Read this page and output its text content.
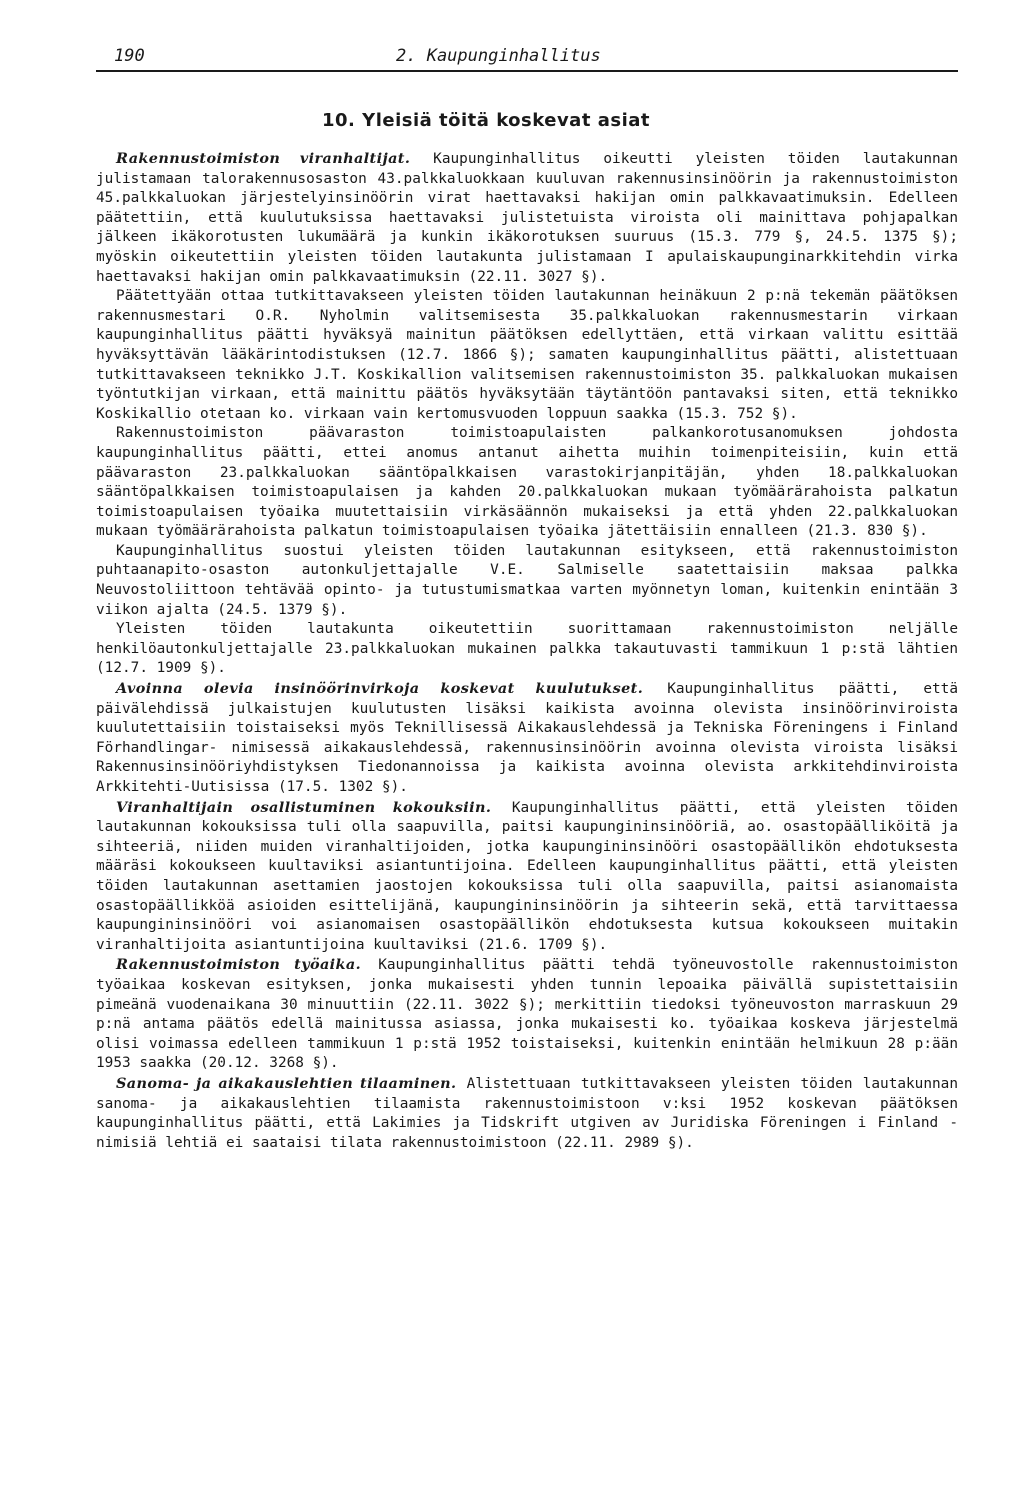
190	2. Kaupunginhallitus
10. Yleisiä töitä koskevat asiat

Rakennustoimiston viranhaltijat. Kaupunginhallitus oikeutti yleisten töiden lautakunnan julistamaan talorakennusosaston 43.palkkaluokkaan kuuluvan rakennusinsinöörin ja rakennustoimiston 45.palkkaluokan järjestelyinsinöörin virat haettavaksi hakijan omin palkkavaatimuksin. Edelleen päätettiin, että kuulutuksissa haettavaksi julistetuista viroista oli mainittava pohjapalkan jälkeen ikäkorotusten lukumäärä ja kunkin ikäkorotuksen suuruus (15.3. 779 §, 24.5. 1375 §); myöskin oikeutettiin yleisten töiden lautakunta julistamaan I apulaiskaupunginarkkitehdin virka haettavaksi hakijan omin palkkavaatimuksin (22.11. 3027 §).

Päätettyään ottaa tutkittavakseen yleisten töiden lautakunnan heinäkuun 2 p:nä tekemän päätöksen rakennusmestari O.R. Nyholmin valitsemisesta 35.palkkaluokan rakennusmestarin virkaan kaupunginhallitus päätti hyväksyä mainitun päätöksen edellyttäen, että virkaan valittu esittää hyväksyttävän lääkärintodistuksen (12.7. 1866 §); samaten kaupunginhallitus päätti, alistettuaan tutkittavakseen teknikko J.T. Koskikallion valitsemisen rakennustoimiston 35. palkkaluokan mukaisen työntutkijan virkaan, että mainittu päätös hyväksytään täytäntöön pantavaksi siten, että teknikko Koskikallio otetaan ko. virkaan vain kertomusvuoden loppuun saakka (15.3. 752 §).

Rakennustoimiston päävaraston toimistoapulaisten palkankorotusanomuksen johdosta kaupunginhallitus päätti, ettei anomus antanut aihetta muihin toimenpiteisiin, kuin että päävaraston 23.palkkaluokan sääntöpalkkaisen varastokirjanpitäjän, yhden 18.palkkaluokan sääntöpalkkaisen toimistoapulaisen ja kahden 20.palkkaluokan mukaan työmäärärahoista palkatun toimistoapulaisen työaika muutettaisiin virkäsäännön mukaiseksi ja että yhden 22.palkkaluokan mukaan työmäärärahoista palkatun toimistoapulaisen työaika jätettäisiin ennalleen (21.3. 830 §).

Kaupunginhallitus suostui yleisten töiden lautakunnan esitykseen, että rakennustoimiston puhtaanapito-osaston autonkuljettajalle V.E. Salmiselle saatettaisiin maksaa palkka Neuvostoliittoon tehtävää opinto- ja tutustumismatkaa varten myönnetyn loman, kuitenkin enintään 3 viikon ajalta (24.5. 1379 §).

Yleisten töiden lautakunta oikeutettiin suorittamaan rakennustoimiston neljälle henkilöautonkuljettajalle 23.palkkaluokan mukainen palkka takautuvasti tammikuun 1 p:stä lähtien (12.7. 1909 §).

Avoinna olevia insinöörinvirkoja koskevat kuulutukset. Kaupunginhallitus päätti, että päivälehdissä julkaistujen kuulutusten lisäksi kaikista avoinna olevista insinöörinviroista kuulutettaisiin toistaiseksi myös Teknillisessä Aikakauslehdessä ja Tekniska Föreningens i Finland Förhandlingar- nimisessä aikakauslehdessä, rakennusinsinöörin avoinna olevista viroista lisäksi Rakennusinsinööriyhdistyksen Tiedonannoissa ja kaikista avoinna olevista arkkitehdinviroista Arkkitehti-Uutisissa (17.5. 1302 §).

Viranhaltijain osallistuminen kokouksiin. Kaupunginhallitus päätti, että yleisten töiden lautakunnan kokouksissa tuli olla saapuvilla, paitsi kaupungininsinööriä, ao. osastopäälliköitä ja sihteeriä, niiden muiden viranhaltijoiden, jotka kaupungininsinööri osastopäällikön ehdotuksesta määräsi kokoukseen kuultaviksi asiantuntijoina. Edelleen kaupunginhallitus päätti, että yleisten töiden lautakunnan asettamien jaostojen kokouksissa tuli olla saapuvilla, paitsi asianomaista osastopäällikköä asioiden esittelijänä, kaupungininsinöörin ja sihteerin sekä, että tarvittaessa kaupungininsinööri voi asianomaisen osastopäällikön ehdotuksesta kutsua kokoukseen muitakin viranhaltijoita asiantuntijoina kuultaviksi (21.6. 1709 §).

Rakennustoimiston työaika. Kaupunginhallitus päätti tehdä työneuvostolle rakennustoimiston työaikaa koskevan esityksen, jonka mukaisesti yhden tunnin lepoaika päivällä supistettaisiin pimeänä vuodenaikana 30 minuuttiin (22.11. 3022 §); merkittiin tiedoksi työneuvoston marraskuun 29 p:nä antama päätös edellä mainitussa asiassa, jonka mukaisesti ko. työaikaa koskeva järjestelmä olisi voimassa edelleen tammikuun 1 p:stä 1952 toistaiseksi, kuitenkin enintään helmikuun 28 p:ään 1953 saakka (20.12. 3268 §).

Sanoma- ja aikakauslehtien tilaaminen. Alistettuaan tutkittavakseen yleisten töiden lautakunnan sanoma- ja aikakauslehtien tilaamista rakennustoimistoon v:ksi 1952 koskevan päätöksen kaupunginhallitus päätti, että Lakimies ja Tidskrift utgiven av Juridiska Föreningen i Finland -nimisiä lehtiä ei saataisi tilata rakennustoimistoon (22.11. 2989 §).
